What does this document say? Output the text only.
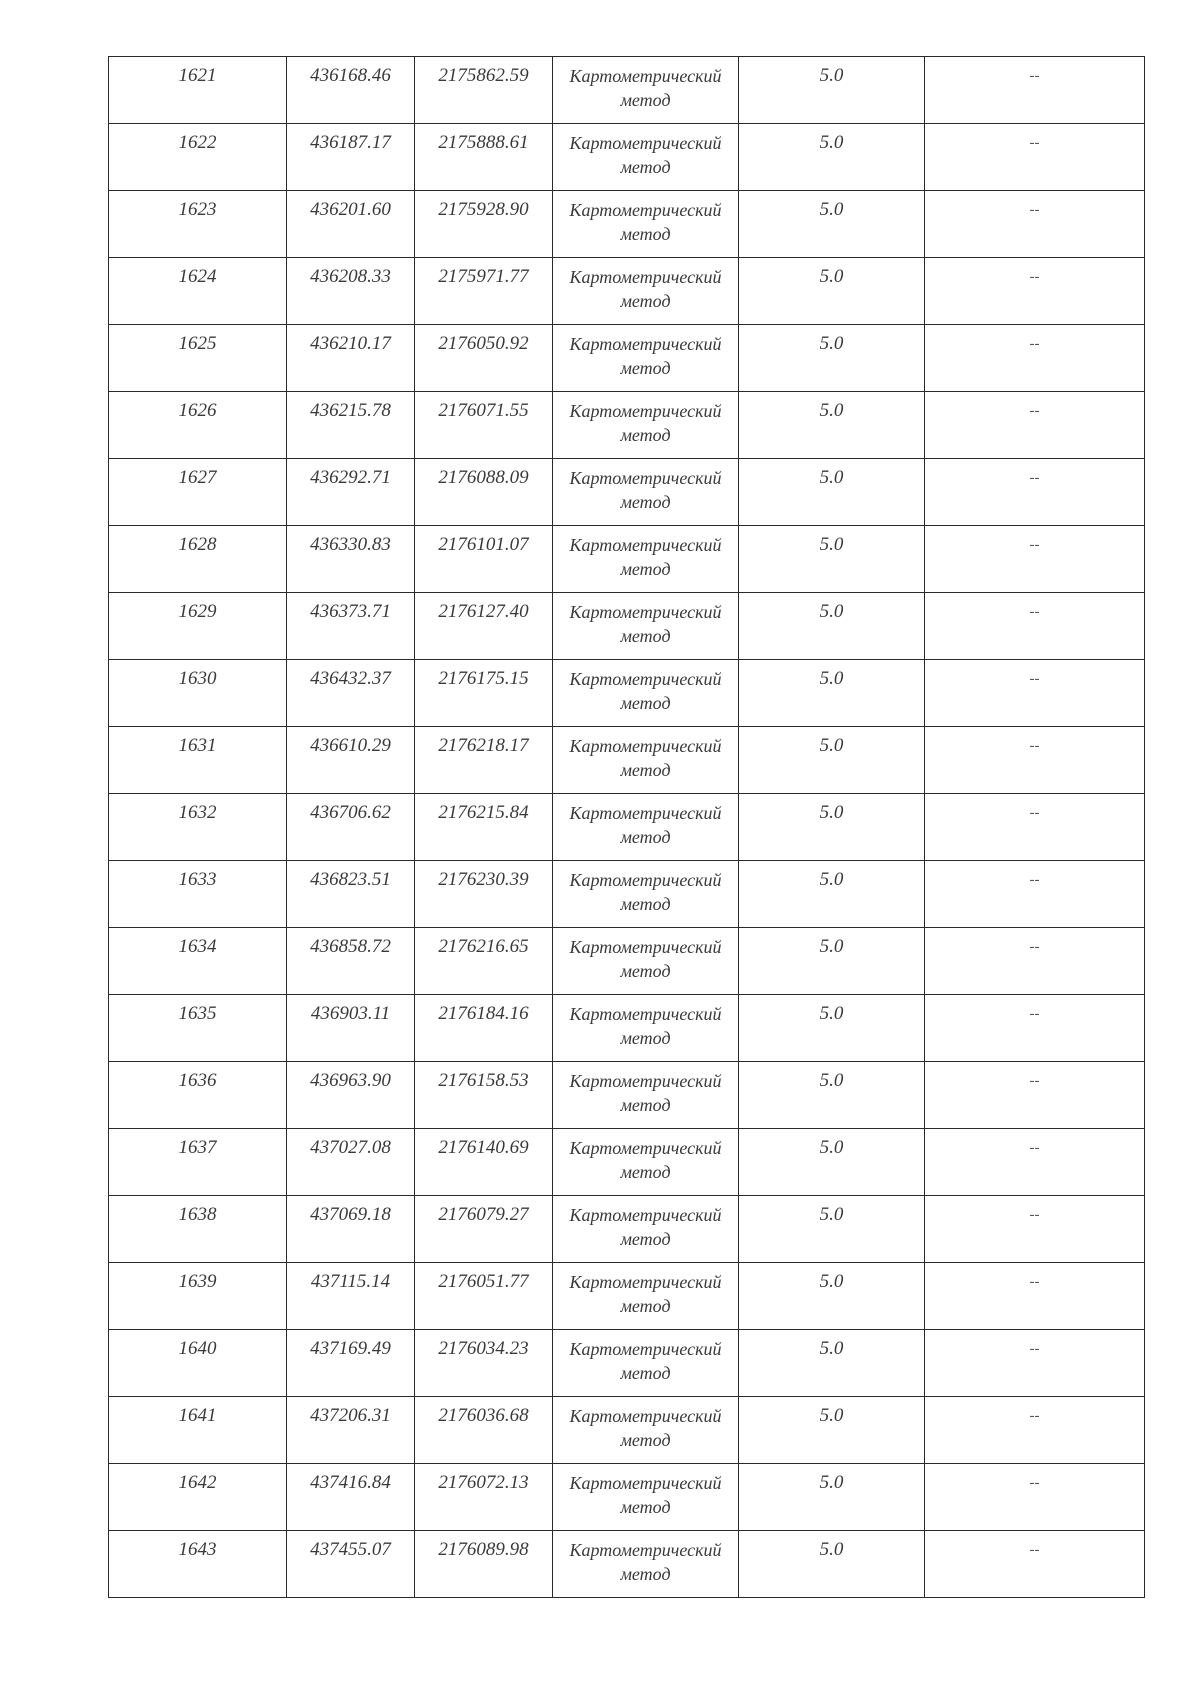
1621	436168.46	2175862.59	Картометрический метод	5.0	--
1622	436187.17	2175888.61	Картометрический метод	5.0	--
1623	436201.60	2175928.90	Картометрический метод	5.0	--
1624	436208.33	2175971.77	Картометрический метод	5.0	--
1625	436210.17	2176050.92	Картометрический метод	5.0	--
1626	436215.78	2176071.55	Картометрический метод	5.0	--
1627	436292.71	2176088.09	Картометрический метод	5.0	--
1628	436330.83	2176101.07	Картометрический метод	5.0	--
1629	436373.71	2176127.40	Картометрический метод	5.0	--
1630	436432.37	2176175.15	Картометрический метод	5.0	--
1631	436610.29	2176218.17	Картометрический метод	5.0	--
1632	436706.62	2176215.84	Картометрический метод	5.0	--
1633	436823.51	2176230.39	Картометрический метод	5.0	--
1634	436858.72	2176216.65	Картометрический метод	5.0	--
1635	436903.11	2176184.16	Картометрический метод	5.0	--
1636	436963.90	2176158.53	Картометрический метод	5.0	--
1637	437027.08	2176140.69	Картометрический метод	5.0	--
1638	437069.18	2176079.27	Картометрический метод	5.0	--
1639	437115.14	2176051.77	Картометрический метод	5.0	--
1640	437169.49	2176034.23	Картометрический метод	5.0	--
1641	437206.31	2176036.68	Картометрический метод	5.0	--
1642	437416.84	2176072.13	Картометрический метод	5.0	--
1643	437455.07	2176089.98	Картометрический метод	5.0	--
